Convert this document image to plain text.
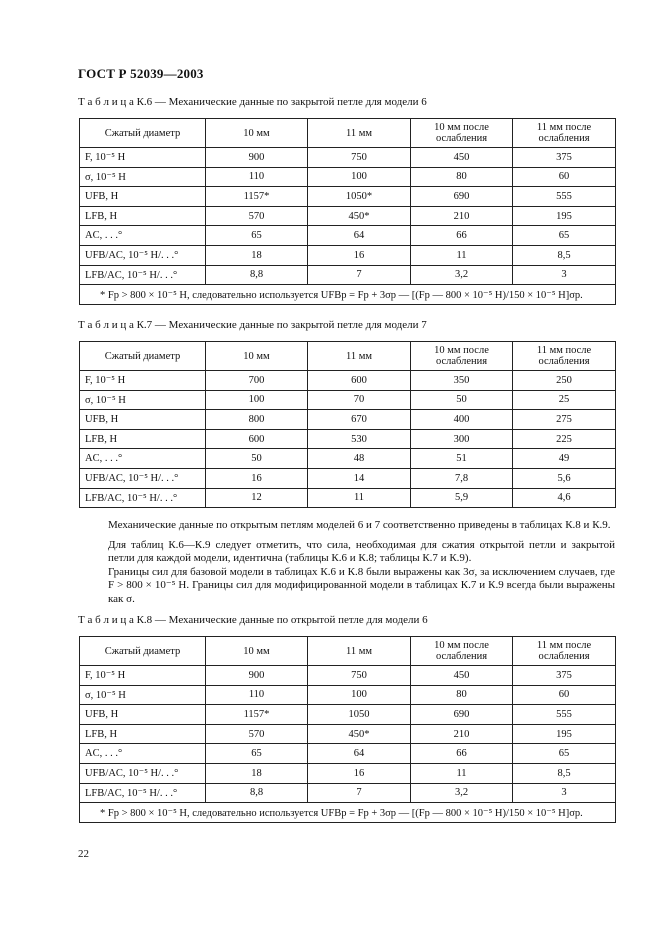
ГОСТ Р 52039—2003
Т а б л и ц а К.6 — Механические данные по закрытой петле для модели 6
Сжатый диаметр	10 мм	11 мм	10 мм после ослабления	11 мм после ослабления
F, 10⁻⁵ Н	900	750	450	375
σ, 10⁻⁵ Н	110	100	80	60
UFB, Н	1157*	1050*	690	555
LFB, Н	570	450*	210	195
AC, . . .°	65	64	66	65
UFB/AC, 10⁻⁵ Н/. . .°	18	16	11	8,5
LFB/AC, 10⁻⁵ Н/. . .°	8,8	7	3,2	3
* Fp > 800 × 10⁻⁵ Н, следовательно используется UFBp = Fp + 3σp — [(Fp — 800 × 10⁻⁵ Н)/150 × 10⁻⁵ Н]σp.				
Т а б л и ц а К.7 — Механические данные по закрытой петле для модели 7
Сжатый диаметр	10 мм	11 мм	10 мм после ослабления	11 мм после ослабления
F, 10⁻⁵ Н	700	600	350	250
σ, 10⁻⁵ Н	100	70	50	25
UFB, Н	800	670	400	275
LFB, Н	600	530	300	225
AC, . . .°	50	48	51	49
UFB/AC, 10⁻⁵ Н/. . .°	16	14	7,8	5,6
LFB/AC, 10⁻⁵ Н/. . .°	12	11	5,9	4,6
Механические данные по открытым петлям моделей 6 и 7 соответственно приведены в таблицах К.8 и К.9.
Для таблиц К.6—К.9 следует отметить, что сила, необходимая для сжатия открытой петли и закрытой петли для каждой модели, идентична (таблицы К.6 и К.8; таблицы К.7 и К.9).
Границы сил для базовой модели в таблицах К.6 и К.8 были выражены как 3σ, за исключением случаев, где F > 800 × 10⁻⁵ Н. Границы сил для модифицированной модели в таблицах К.7 и К.9 всегда были выражены как σ.
Т а б л и ц а К.8 — Механические данные по открытой петле для модели 6
Сжатый диаметр	10 мм	11 мм	10 мм после ослабления	11 мм после ослабления
F, 10⁻⁵ Н	900	750	450	375
σ, 10⁻⁵ Н	110	100	80	60
UFB, Н	1157*	1050	690	555
LFB, Н	570	450*	210	195
AC, . . .°	65	64	66	65
UFB/AC, 10⁻⁵ Н/. . .°	18	16	11	8,5
LFB/AC, 10⁻⁵ Н/. . .°	8,8	7	3,2	3
* Fp > 800 × 10⁻⁵ Н, следовательно используется UFBp = Fp + 3σp — [(Fp — 800 × 10⁻⁵ Н)/150 × 10⁻⁵ Н]σp.				
22
